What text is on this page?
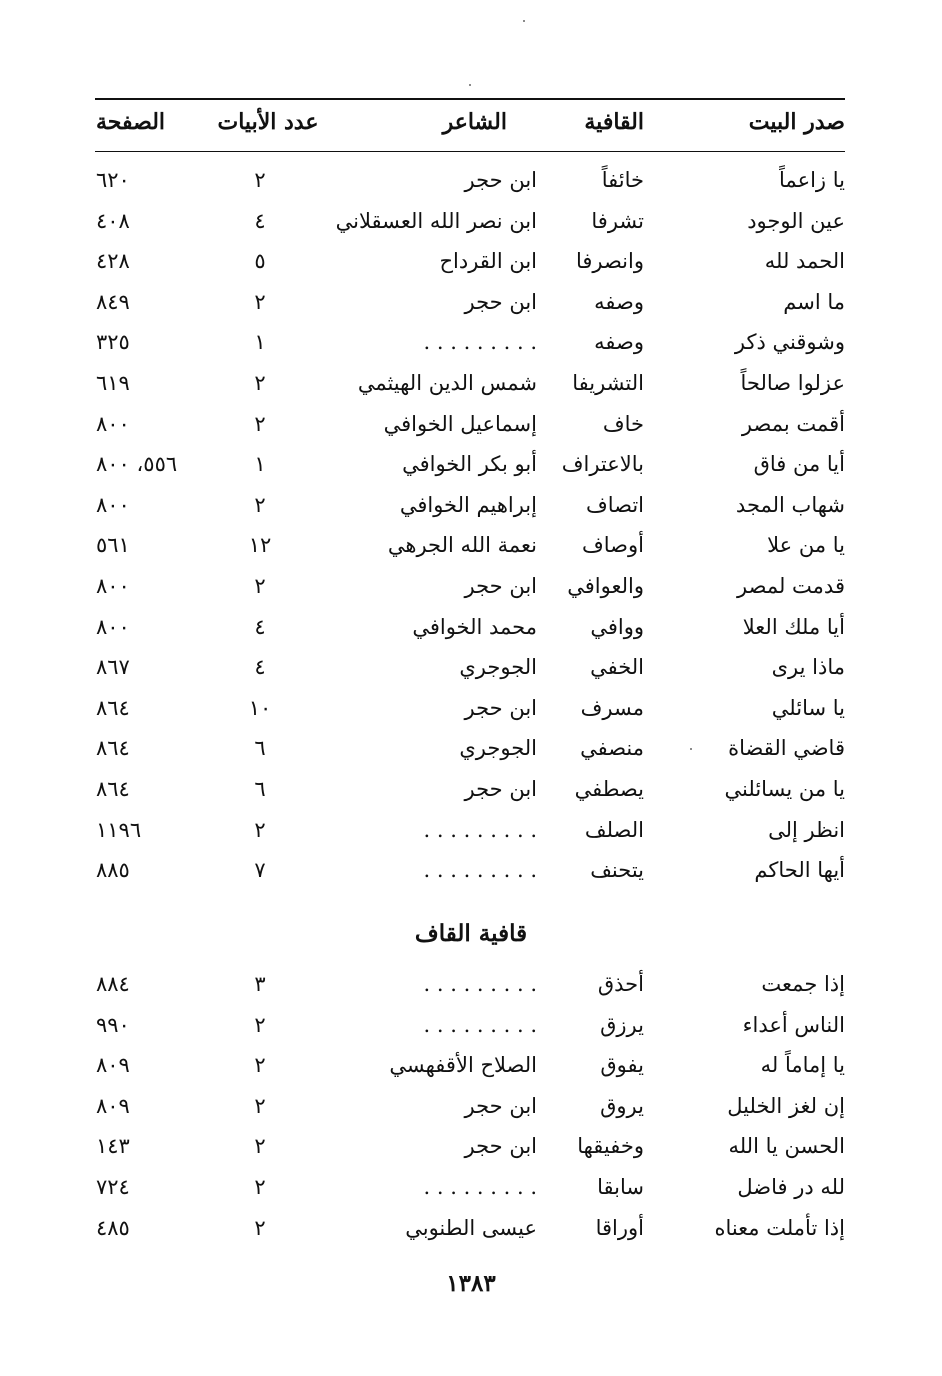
صدر البيت
القافية
الشاعر
عدد الأبيات
الصفحة
يا زاعماً
خائفاً
ابن حجر
٢
٦٢٠
عين الوجود
تشرفا
ابن نصر الله العسقلاني
٤
٤٠٨
الحمد لله
وانصرفا
ابن القرداح
٥
٤٢٨
ما اسم
وصفه
ابن حجر
٢
٨٤٩
وشوقني ذكر
وصفه
. . . . . . . . .
١
٣٢٥
عزلوا صالحاً
التشريفا
شمس الدين الهيثمي
٢
٦١٩
أقمت بمصر
خاف
إسماعيل الخوافي
٢
٨٠٠
أيا من فاق
بالاعتراف
أبو بكر الخوافي
١
٥٥٦، ٨٠٠
شهاب المجد
اتصاف
إبراهيم الخوافي
٢
٨٠٠
يا من علا
أوصاف
نعمة الله الجرهي
١٢
٥٦١
قدمت لمصر
والعوافي
ابن حجر
٢
٨٠٠
أيا ملك العلا
ووافي
محمد الخوافي
٤
٨٠٠
ماذا يرى
الخفي
الجوجري
٤
٨٦٧
يا سائلي
مسرف
ابن حجر
١٠
٨٦٤
قاضي القضاة
منصفي
الجوجري
٦
٨٦٤
يا من يسائلني
يصطفي
ابن حجر
٦
٨٦٤
انظر إلى
الصلف
. . . . . . . . .
٢
١١٩٦
أيها الحاكم
يتحنف
. . . . . . . . .
٧
٨٨٥
قافية القاف
إذا جمعت
أحذق
. . . . . . . . .
٣
٨٨٤
الناس أعداء
يرزق
. . . . . . . . .
٢
٩٩٠
يا إماماً له
يفوق
الصلاح الأقفهسي
٢
٨٠٩
إن لغز الخليل
يروق
ابن حجر
٢
٨٠٩
الحسن يا الله
وخفيقها
ابن حجر
٢
١٤٣
لله در فاضل
سابقا
. . . . . . . . .
٢
٧٢٤
إذا تأملت معناه
أوراقا
عيسى الطنوبي
٢
٤٨٥
١٣٨٣
